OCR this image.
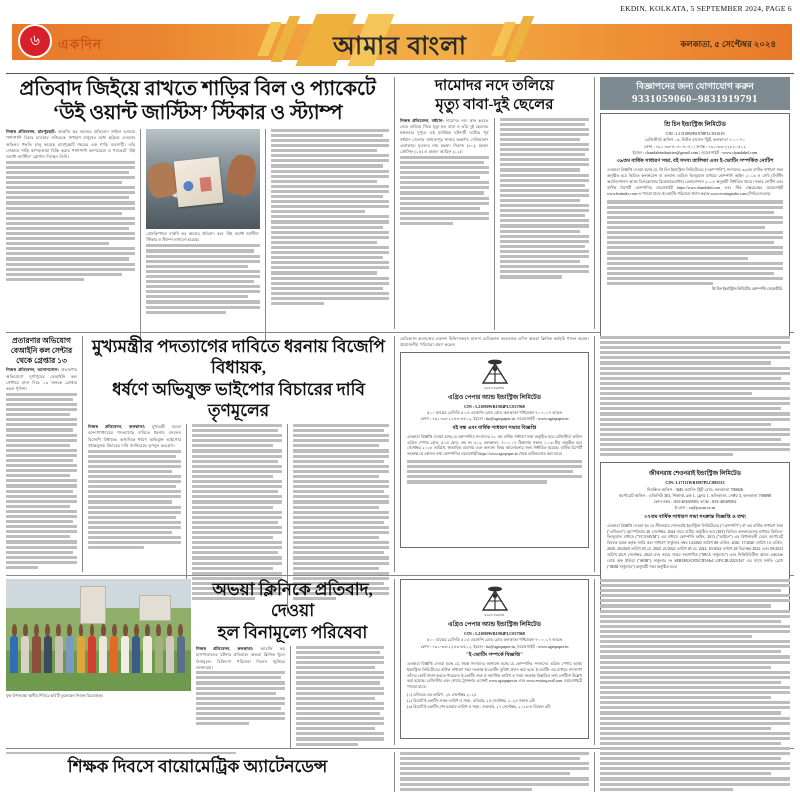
EKDIN, KOLKATA, 5 SEPTEMBER 2024, PAGE 6
৬	একদিন	আমার বাংলা	কলকাতা, ৫ সেপ্টেম্বর ২০২৪
প্রতিবাদ জিইয়ে রাখতে শাড়ির বিল ও প্যাকেটে
‘উই ওয়ান্ট জাস্টিস’ স্টিকার ও স্ট্যাম্প
নিজস্ব প্রতিবেদন, রামপুরহাট: আরজি কর কাণ্ডের প্রতিবাদে সামিল হওয়ার পাশাপাশি বিচার চাওয়ার নজিরকে সাধারণ মানুষের মধ্যে ছড়িয়ে দেওয়ার অভিনব পদ্ধতি চালু করেছে রামপুরহাট শহরের এক শাড়ি ব্যবসায়ী। তাঁর দোকানে শাড়ি কাপড়জামা বিক্রি করার পাশাপাশি ক্যাশমেমো ও প্যাকেটে ‘উই ওয়ান্ট জাস্টিস’ স্লোগান দিচ্ছেন তিনি।
প্রেসক্রিপশনে মার্কসি কর কাণ্ডের প্রতিবাদ করে ‘উই ওয়ান্ট জাস্টিস’ স্টিকার ও স্ট্যাম্প লাগানো হয়েছে।
দামোদর নদে তলিয়ে
মৃত্যু বাবা-দুই ছেলের
নিজস্ব প্রতিবেদন, বর্ধমান: দামোদর নদে স্নান করতে নেমে তলিয়ে গিয়ে মৃত্যু হল বাবা ও তাঁর দুই ছেলের। মঙ্গলবার দুপুরে এই মর্মান্তিক ঘটনাটি ঘটেছে পূর্ব বর্ধমান জেলার জামালপুর থানার অন্তর্গত সেলিমাবাদ এলাকায়। মৃতদের নাম মহম্মদ সিরাজ (৪০), মহম্মদ তৌসিফ (১৫) ও মহম্মদ আরিফ (১২)।
বিজ্ঞাপনের জন্য যোগাযোগ করুন
9331059060–9831919791
শ্রি চিন ইন্ডাস্ট্রিজ লিমিটেড
CIN : L13100WB1978PLC031619
রেজিস্টার্ড অফিস : ৬, লিটল রাসেল স্ট্রিট, কলকাতা ৭০০০৭১
ফোন : +৯১-৩৩-৪০৪০৪০৪০ | ফ্যাক্স : +৯১-৩৩-২২৮২০৫১২
ইমেল : chandaleindustries@gmail.com | ওয়েবসাইট : www.chandabel.com
৩৯তম বার্ষিক সাধারণ সভা, বই সদস্য তালিকা এবং ই-ভোটিং সম্পর্কিত নোটিশ
এতদ্বারা বিজ্ঞপ্তি দেওয়া হচ্ছে যে, শ্রি চিন ইন্ডাস্ট্রিজ লিমিটেডের (“কোম্পানি”) সদস্যদের ৩৯তম বার্ষিক সাধারণ সভা অনুষ্ঠিত হবে ভিডিও কনফারেন্স বা অন্যান্য অডিও ভিজ্যুয়াল মাধ্যমে কোম্পানি আইন ২০১৩ ও সেবি (লিস্টিং অবলিগেশনস অ্যান্ড ডিসক্লোজার রিকোয়ারমেন্টস) রেগুলেশনস ২০১৫ অনুযায়ী নির্ধারিত সময়ে। সভার নোটিশ এবং বার্ষিক রিপোর্ট কোম্পানির ওয়েবসাইট https://www.chandabel.com এবং স্টক এক্সচেঞ্জের ওয়েবসাইট www.bseindia.com-এ পাওয়া যাবে। ই-ভোটিং পরিষেবা প্রদান করছে www.evotingindia.com (সিডিএসএল)।
শ্রি চিন ইন্ডাস্ট্রিজ লিমিটেড কোম্পানি সেক্রেটারি
প্রতারণার অভিযোগ বেআইনি কল সেন্টার থেকে গ্রেপ্তার ১৩
নিজস্ব প্রতিবেদন, আসানসোল: প্রতারণার অভিযোগে দুর্গাপুরের বেআইনি কল সেন্টারে হানা দিয়ে ১৩ জনকে গ্রেপ্তার করল পুলিশ।
মুখ্যমন্ত্রীর পদত্যাগের দাবিতে ধরনায় বিজেপি বিধায়ক,
ধর্ষণে অভিযুক্ত ভাইপোর বিচারের দাবি তৃণমূলের
নিজস্ব প্রতিবেদন, কলকাতা: মুখ্যমন্ত্রী মমতা বন্দ্যোপাধ্যায়ের পদত্যাগের দাবিতে ধরনায় বসলেন বিজেপি বিধায়ক। অন্যদিকে ধর্ষণে অভিযুক্ত ভাইপোর দৃষ্টান্তমূলক বিচারের দাবি জানিয়েছে তৃণমূল কংগ্রেস।
মেডিক্যাল কলেজের একাংশ চিকিৎসকরা। মালদা মেডিক্যাল কলেজের এদিন অভয়া ক্লিনিক কর্মসূচি পালন করেন। প্রয়োজনীয় পরিষেবা গ্রহণ করেন।
AGIO PAPER
এগ্রিও পেপার অ্যান্ড ইন্ডাস্ট্রিজ লিমিটেড
CIN : L21090WB1984PLC037968
৫০০ মাঝের রেসিডি ৫১এ এজেন্সি রোড রোড কলকাতা পশ্চিমবঙ্গ ৭০০০১৭ ভারত
ফোন : +৯১-৩৩-২২৪৩-৫৫১২, ইমেল : ho@agiopaper.in, ওয়েবসাইট : www.agiopaper.in
বই বন্ধ এবং বার্ষিক সাধারণ সভার বিজ্ঞপ্তি
এতদ্বারা বিজ্ঞপ্তি দেওয়া হচ্ছে যে কোম্পানির সদস্যদের ৪১ তম বার্ষিক সাধারণ সভা অনুষ্ঠিত হবে রেজিস্টার্ড অফিস এগ্রিও পেপার রোড, ৫১এ রোড, রুম নং ৪১২, কলকাতা– ৭০০০১৭ ঠিকানায় সকাল ১০.৩০টায় অনুষ্ঠিত হবে সেপ্টেম্বর ২০২৪ তারিখে, স্বাভাবিক ব্যবসায় এবং অন্যান্য বিষয় আলোচনার জন্য নির্ধারিত হয়েছে। বার্ষিক রিপোর্ট সংক্রান্ত যে কোনও তথ্য কোম্পানির ওয়েবসাইট https://www.agiopaper.in থেকে ডাউনলোড করা যাবে।
জীবনরায় শেওনরাই ইন্ডাস্ট্রিজ লিমিটেড
CIN: L17111WB1987PLC085533
নিবন্ধিত অফিস : 36D, ক্যানিং স্ট্রিট রোড, কলকাতা 700026
কর্পোরেট অফিস : এভিনিউ 301, শিল্পাঞ্চ, ব্লক 1, ফ্লোর 1, কলিকাতা, সেক্টর 3, কলকাতা 700098
ফোন নম্বর : 033-40169503; ফ্যাক্স : 033-40169502
ই-মেল : cs@jswan.co.in
৩৭তম বার্ষিক সাধারণ সভা সংক্রান্ত বিজ্ঞপ্তি ও তথ্য
এতদ্বারা বিজ্ঞপ্তি দেওয়া হয় যে জীবনরায় শেওনরাই ইন্ডাস্ট্রিজ লিমিটেডের ("কোম্পানি") 37 তম বার্ষিক সাধারণ সভা ("এজিএম") বৃহস্পতিবার 26 সেপ্টেম্বর, 2024 সময় 11টায় অনুষ্ঠিত হবে (IST) ভিডিও কনফারেন্সের মাধ্যমে ভিডিও-ভিজ্যুয়াল মাধ্যমে ("VC/OAVM") এর মাধ্যমে কোম্পানি আইন, 2013 ("আইনে") এর বিধানাবলী মেনে, কর্পোরেট বিষয়ক মন্ত্রক কর্তৃক জারি করা সাধারণ সার্কুলার নম্বর 14/2020 তারিখ 08 এপ্রিল, 2020, 17/2020 তারিখ 13 এপ্রিল, 2020, 20/2020 তারিখ 05 মে, 2020, 21/2022 তারিখ 05 মে, 2022, 10/2022 তারিখ 28 ডিসেম্বর 2022, এবং 09/2023 তারিখ 25শে সেপ্টেম্বর, 2023 এবং সময়ে সময়ে সংশোধিত ("MCA সার্কুলার") এবং সিকিউরিটিজ অ্যান্ড এক্সচেঞ্জ বোর্ড অফ ইন্ডিয়া ("SEBI") সার্কুলার নং SEBI/HO/CFD/CID-HoC-2/P/CIR/2023/167 এর সাথে সঙ্গতি রেখে ("SEBI সার্কুলার") অনুযায়ী সভা অনুষ্ঠিত হবে।
বৃক্ষ উপলক্ষ্যে স্থানীয় শিবিরে ছবিটি তুলেছেন নিজস্ব চিত্রগ্রাহক।
অভয়া ক্লিনিকে প্রতিবাদ, দেওয়া
হল বিনামূল্যে পরিষেবা
নিজস্ব প্রতিবেদন, কলকাতা: আরজি কর হাসপাতালের ঘটনার প্রতিবাদে অভয়া ক্লিনিক খুলে বিনামূল্যে চিকিৎসা পরিষেবা দিলেন জুনিয়র ডাক্তাররা।
AGIO PAPER
এগ্রিও পেপার অ্যান্ড ইন্ডাস্ট্রিজ লিমিটেড
CIN : L21090WB1984PLC037968
৫০০ মাঝের রেসিডি ৫১এ এজেন্সি রোড রোড কলকাতা পশ্চিমবঙ্গ ৭০০০১৭ ভারত
ফোন : +৯১-৩৩-২২৪৩-৫৫১২, ইমেল : ho@agiopaper.in, ওয়েবসাইট : www.agiopaper.in
"ই-ভোটিং সম্পর্কে বিজ্ঞপ্তি"
এতদ্বারা বিজ্ঞপ্তি দেওয়া হচ্ছে যে, সমস্ত সদস্যদের জানানো হচ্ছে যে কোম্পানির সদস্যদের এগ্রিও পেপার অ্যান্ড ইন্ডাস্ট্রিজ লিমিটেডের বার্ষিক সাধারণ সভা সংক্রান্ত ই-ভোটিং সুবিধা প্রদান করা হবে। ই-ভোটিং এর মাধ্যমে সদস্যগণ তাঁদের ভোট প্রদান করতে পারবেন। ই-ভোটিং শুরু ও সমাপ্তির তারিখ ও সময় সংক্রান্ত বিস্তারিত তথ্য নোটিশে উল্লেখ করা হয়েছে। রেজিস্টার এবং শেয়ার ট্রান্সফার এজেন্ট www.agiopaper.in এবং www.evoting.nsdl.com ওয়েবসাইটে পাওয়া যাবে।
(১) এজিএম এর তারিখ : ২৮ সেপ্টেম্বর ২০২৪
(২) রিমোট ই-ভোটিং শুরুর তারিখ ও সময় : রবিবার, ২৫ সেপ্টেম্বর, ২০২৪ সকাল ৯টা
(৩) রিমোট ই-ভোটিং শেষ হওয়ার তারিখ ও সময় : শুক্রবার, ২৭ সেপ্টেম্বর, ২০২৪-এ বিকেল ৫টা
শিক্ষক দিবসে বায়োমেট্রিক অ্যাটেনডেন্স
